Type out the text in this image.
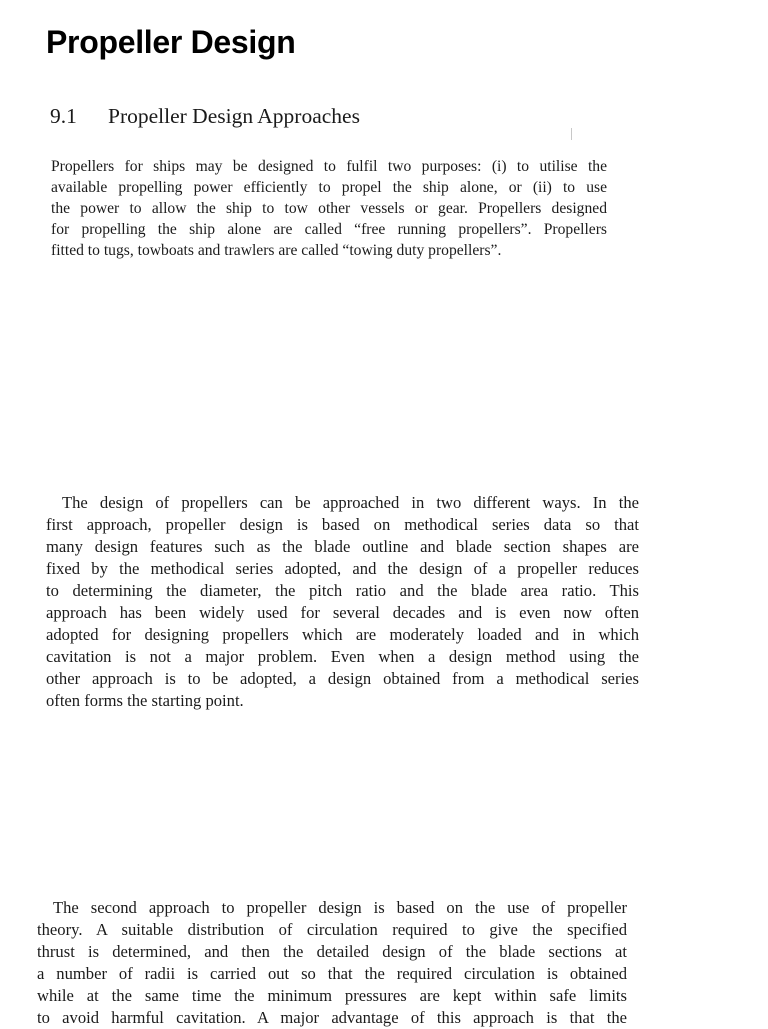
Propeller Design
9.1 Propeller Design Approaches

Propellers for ships may be designed to fulfil two purposes: (i) to utilise the
available propelling power efficiently to propel the ship alone, or (ii) to use
the power to allow the ship to tow other vessels or gear. Propellers designed
for propelling the ship alone are called “free running propellers”. Propellers
fitted to tugs, towboats and trawlers are called “towing duty propellers”.

The design of propellers can be approached in two different ways. In the
first approach, propeller design is based on methodical series data so that
many design features such as the blade outline and blade section shapes are
fixed by the methodical series adopted, and the design of a propeller reduces
to determining the diameter, the pitch ratio and the blade area ratio. This
approach has been widely used for several decades and is even now often
adopted for designing propellers which are moderately loaded and in which
cavitation is not a major problem. Even when a design method using the
other approach is to be adopted, a design obtained from a methodical series
often forms the starting point.

The second approach to propeller design is based on the use of propeller
theory. A suitable distribution of circulation required to give the specified
thrust is determined, and then the detailed design of the blade sections at
a number of radii is carried out so that the required circulation is obtained
while at the same time the minimum pressures are kept within safe limits
to avoid harmful cavitation. A major advantage of this approach is that the
